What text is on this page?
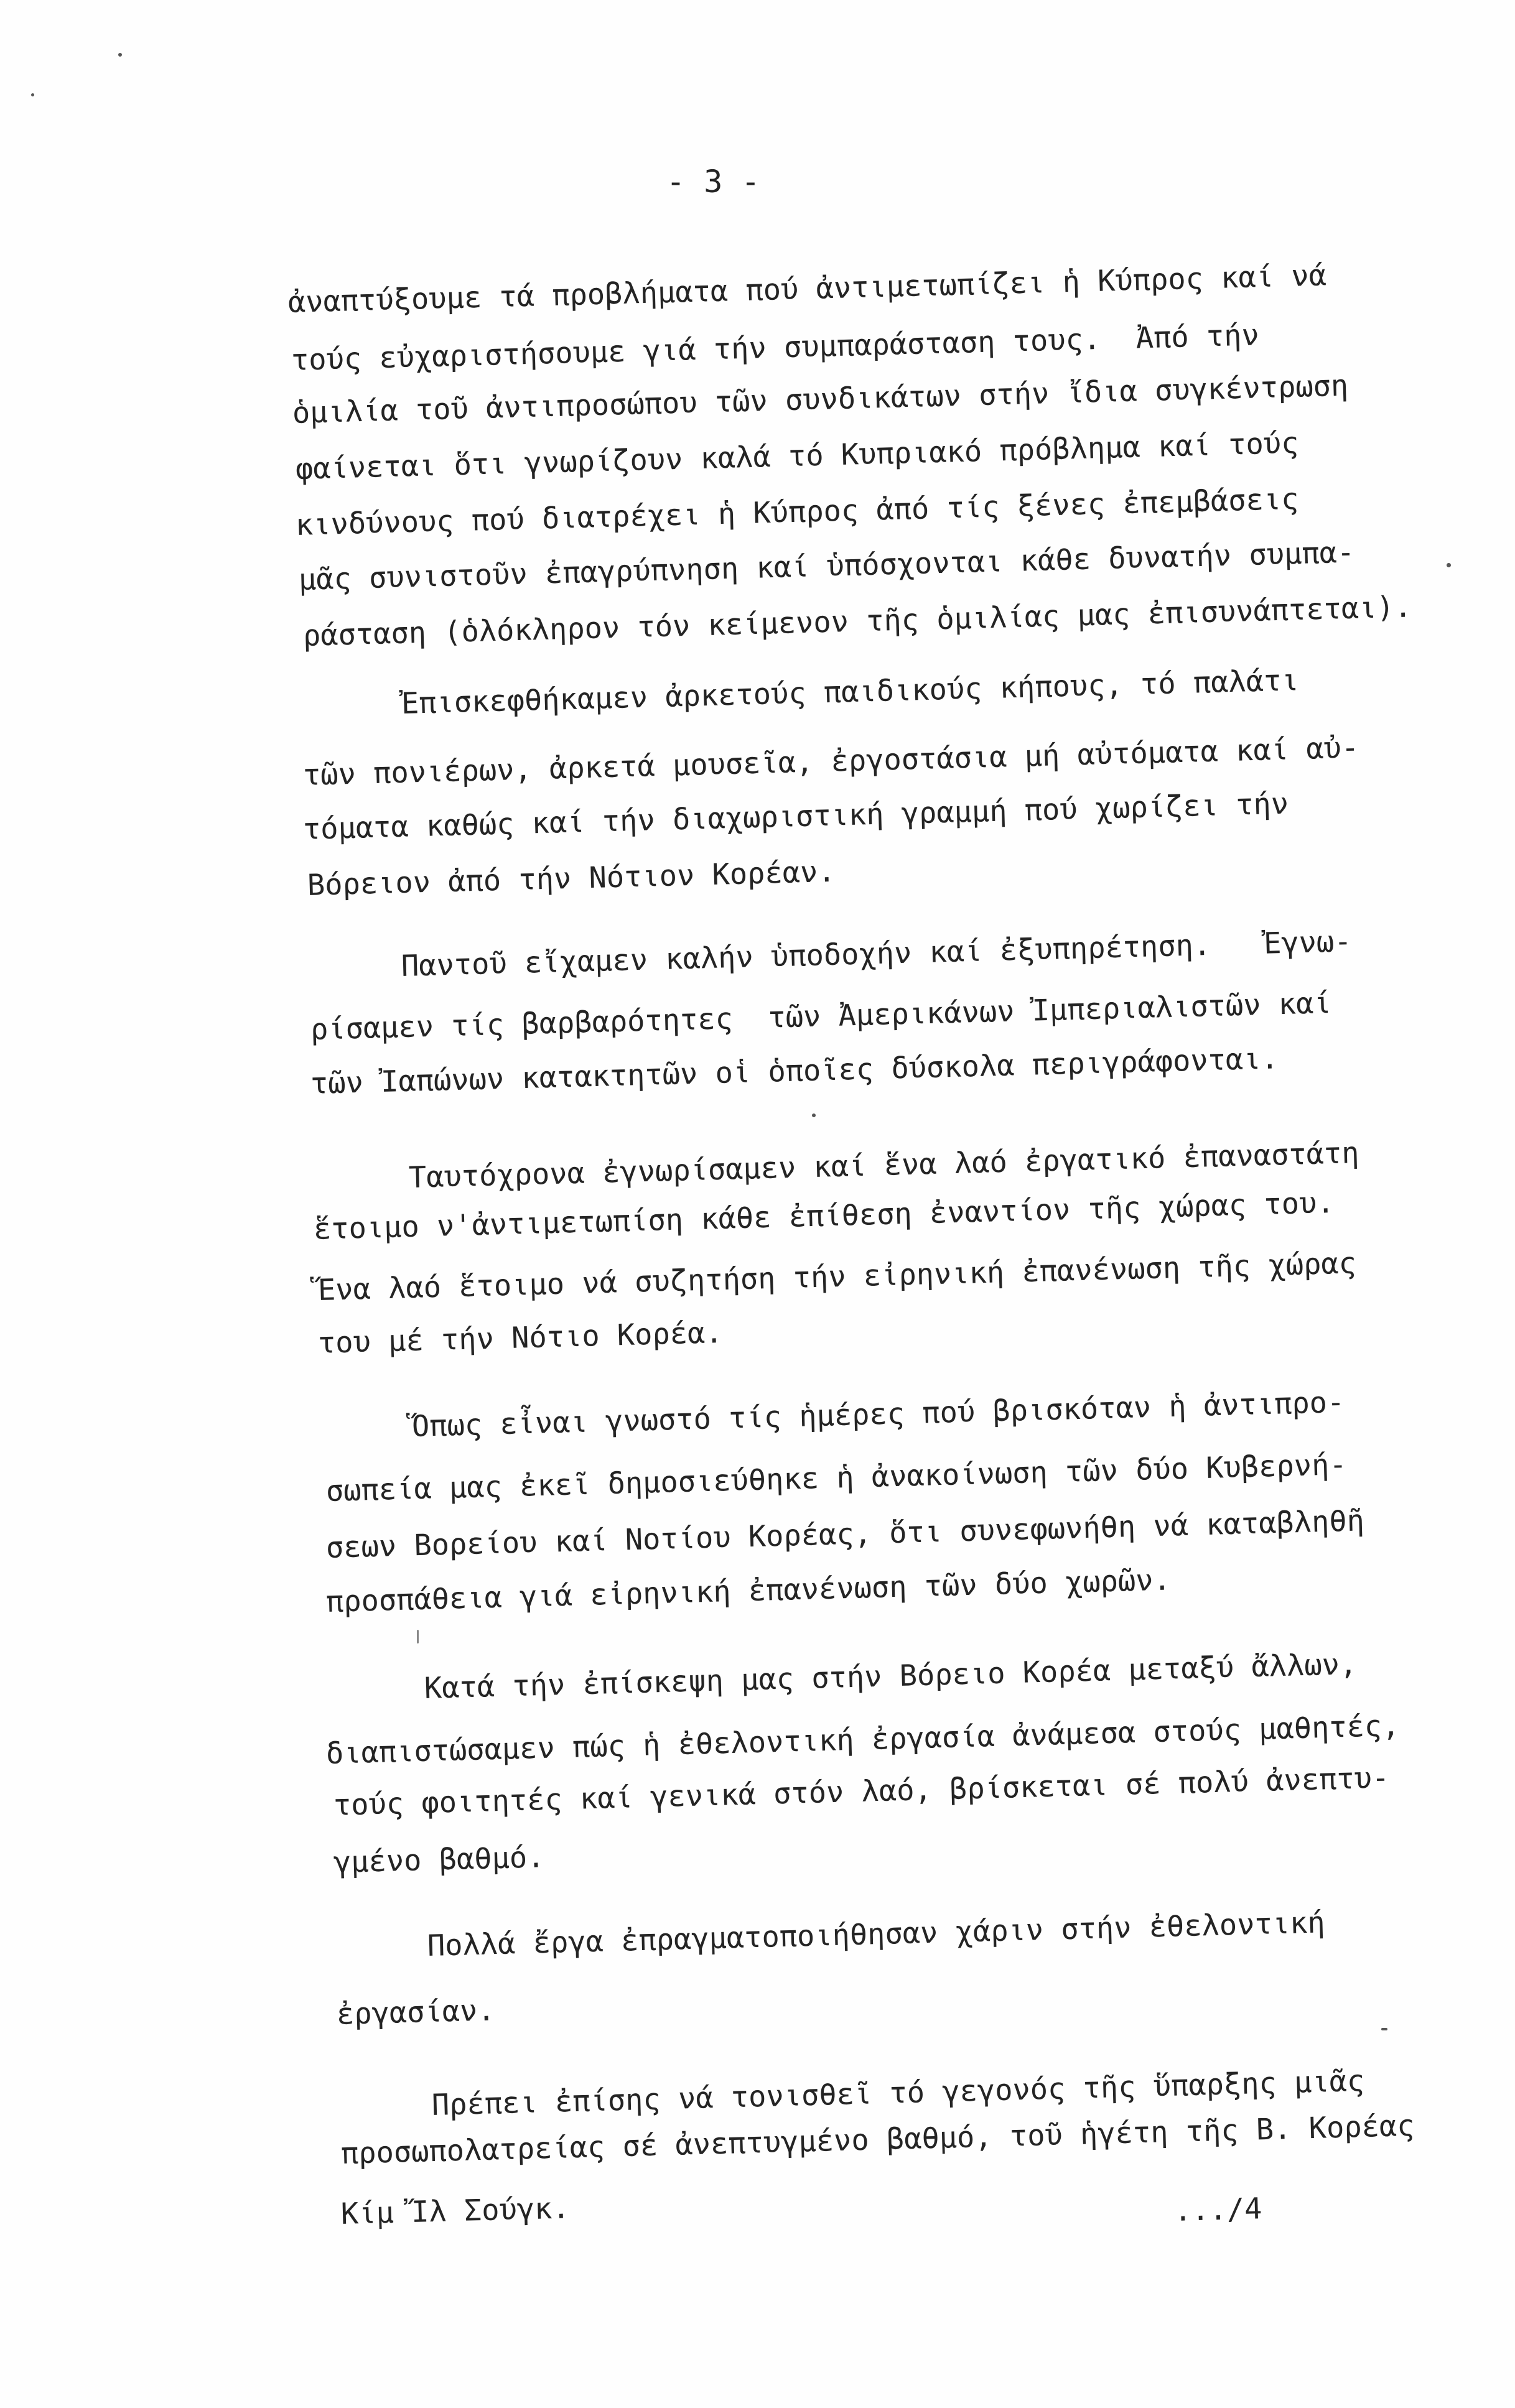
- 3 -
ἀναπτύξουμε τά προβλήματα πού ἀντιμετωπίζει ἡ Κύπρος καί νά
τούς εὐχαριστήσουμε γιά τήν συμπαράσταση τους.  Ἀπό τήν
ὁμιλία τοῦ ἀντιπροσώπου τῶν συνδικάτων στήν ἴδια συγκέντρωση
φαίνεται ὅτι γνωρίζουν καλά τό Κυπριακό πρόβλημα καί τούς
κινδύνους πού διατρέχει ἡ Κύπρος ἀπό τίς ξένες ἐπεμβάσεις
μᾶς συνιστοῦν ἐπαγρύπνηση καί ὑπόσχονται κάθε δυνατήν συμπα-
ράσταση (ὁλόκληρον τόν κείμενον τῆς ὁμιλίας μας ἐπισυνάπτεται).
Ἐπισκεφθήκαμεν ἀρκετούς παιδικούς κήπους, τό παλάτι
τῶν πονιέρων, ἀρκετά μουσεῖα, ἐργοστάσια μή αὐτόματα καί αὐ-
τόματα καθώς καί τήν διαχωριστική γραμμή πού χωρίζει τήν
Βόρειον ἀπό τήν Νότιον Κορέαν.
Παντοῦ εἴχαμεν καλήν ὑποδοχήν καί ἐξυπηρέτηση.   Ἐγνω-
ρίσαμεν τίς βαρβαρότητες  τῶν Ἀμερικάνων Ἰμπεριαλιστῶν καί
τῶν Ἰαπώνων κατακτητῶν οἱ ὁποῖες δύσκολα περιγράφονται.
Ταυτόχρονα ἐγνωρίσαμεν καί ἕνα λαό ἐργατικό ἐπαναστάτη
ἕτοιμο ν'ἀντιμετωπίση κάθε ἐπίθεση ἐναντίον τῆς χώρας του.
Ἕνα λαό ἕτοιμο νά συζητήση τήν εἰρηνική ἐπανένωση τῆς χώρας
του μέ τήν Νότιο Κορέα.
Ὅπως εἶναι γνωστό τίς ἡμέρες πού βρισκόταν ἡ ἀντιπρο-
σωπεία μας ἐκεῖ δημοσιεύθηκε ἡ ἀνακοίνωση τῶν δύο Κυβερνή-
σεων Βορείου καί Νοτίου Κορέας, ὅτι συνεφωνήθη νά καταβληθῆ
προσπάθεια γιά εἰρηνική ἐπανένωση τῶν δύο χωρῶν.
Κατά τήν ἐπίσκεψη μας στήν Βόρειο Κορέα μεταξύ ἄλλων,
διαπιστώσαμεν πώς ἡ ἐθελοντική ἐργασία ἀνάμεσα στούς μαθητές,
τούς φοιτητές καί γενικά στόν λαό, βρίσκεται σέ πολύ ἀνεπτυ-
γμένο βαθμό.
Πολλά ἔργα ἐπραγματοποιήθησαν χάριν στήν ἐθελοντική
ἐργασίαν.
Πρέπει ἐπίσης νά τονισθεῖ τό γεγονός τῆς ὕπαρξης μιᾶς
προσωπολατρείας σέ ἀνεπτυγμένο βαθμό, τοῦ ἡγέτη τῆς Β. Κορέας
Κίμ Ἴλ Σούγκ.	.../4
